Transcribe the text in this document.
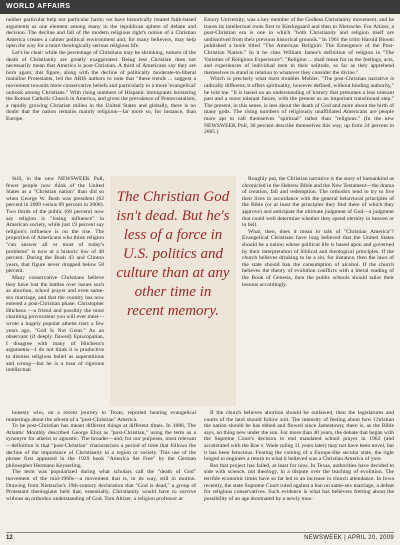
WORLD AFFAIRS

neither particular help nor particular harm; we have historically treated faith-based arguments as one element among many in the republican sphere of debate and decision. The decline and fall of the modern religious right's notion of a Christian America creates a calmer political environment and, for many believers, may help open the way for a more theologically serious religious life.

Let's be clear: while the percentage of Christians may be shrinking, rumors of the death of Christianity are greatly exaggerated. Being less Christian does not necessarily mean that America is post-Christian. A third of Americans say they are born again; this figure, along with the decline of politically moderate-to-liberal mainline Protestants, led the ARIS authors to note that "these trends ... suggest a movement towards more conservative beliefs and particularly to a more 'evangelical' outlook among Christians." With rising numbers of Hispanic immigrants bolstering the Roman Catholic Church in America, and given the prevalence of Pentecostalism, a rapidly growing Christian milieu in the United States and globally, there is no doubt that the nation remains mainly religious—far more so, for instance, than Europe.

Emory University, was a key member of the Godless Christianity movement, and he traces its intellectual roots first to Kierkegaard and then to Nietzsche. For Altizer, a post-Christian era is one in which "both Christianity and religion itself are undissolved from their previous historical grounds." In 1961 the critic Harold Bloom published a book titled "The American Religion: The Emergence of the Post-Christian Nation." In it he cites William James's definition of religion in "The Varieties of Religious Experience": "Religion ... shall mean for us the feelings, acts, and experiences of individual men in their solitude, so far as they apprehend themselves to stand in relation to whatever they consider the divine."

Which is precisely what most troubles Mohler. "The post-Christian narrative is radically different; it offers spirituality, however defined, without binding authority," he told me. "It is based on an understanding of history that presumes a less tolerant past and a more tolerant future, with the present as an important transitional step." The present, in this sense, is less about the death of God and more about the birth of many gods. The rising numbers of religiously unaffiliated Americans are people more apt to call themselves "spiritual" rather than "religious." (In the new NEWSWEEK Poll, 30 percent describe themselves this way, up from 24 percent in 2005.)

Still, in the new NEWSWEEK Poll, fewer people now think of the United States as a "Christian nation" than did so when George W. Bush was president (62 percent in 2009 versus 69 percent in 2008). Two thirds of the public (68 percent) now say religion is "losing influence" in American society, while just 19 percent say religion's influence is on the rise. The proportion of Americans who think religion "can answer all or most of today's problems" is now at a historic low of 48 percent. During the Bush 43 and Clinton years, that figure never dropped below 58 percent.

Many conservative Christians believe they have lost the battles over issues such as abortion, school prayer and even same-sex marriage, and that the country has now entered a post-Christian phase. Christopher Hitchens —a friend and possibly the most charming provocateur you will ever meet— wrote a hugely popular atheist tract a few years ago, "God Is Not Great." As an observant (if deeply flawed) Episcopalian, I disagree with many of Hitchens's arguments—I do not think it is productive to dismiss religious belief as superstitious and wrong—but he is a man of rigorous intellectual

The Christian God isn't dead. But he's less of a force in U.S. politics and culture than at any other time in recent memory.

Roughly put, the Christian narrative is the story of humankind as chronicled in the Hebrew Bible and the New Testament—the drama of creation, fall and redemption. The orthodox tend to try to live their lives in accordance with the general behavioral principles of the Bible (or at least the principles they find there of which they approve) and anticipate the ultimate judgment of God—a judgment that could well determine whether they spend eternity in heaven or in hell.

What, then, does it mean to talk of "Christian America"? Evangelical Christians have long believed that the United States should be a nation whose political life is based upon and governed by their interpretation of biblical and theological principles. If the church believes drinking to be a sin, for instance, then the laws of the state should ban the consumption of alcohol. If the church believes the theory of evolution conflicts with a literal reading of the Book of Genesis, then the public schools should tailor their lessons accordingly.

honesty who, on a recent journey to Texas, reported hearing evangelical mutterings about the advent of a "post-Christian" America.

To be post-Christian has meant different things at different times. In 1886, The Atlantic Monthly described George Eliot as "post-Christian," using the term as a synonym for atheist or agnostic. The broader—and, for our purposes, most relevant—definition is that "post-Christian" characterizes a period of time that follows the decline of the importance of Christianity in a region or society. This use of the phrase first appeared in the 1929 book "America Set Free" by the German philosopher Hermann Keyserling.

The term was popularized during what scholars call the "death of God" movement of the mid-1960s—a movement that is, in its way, still in motion. Drawing from Nietzsche's 19th-century declaration that "God is dead," a group of Protestant theologians held that, essentially, Christianity would have to survive without an orthodox understanding of God. Tom Altizer, a religion professor at

If the church believes abortion should be outlawed, then the legislatures and courts of the land should follow suit. The intensity of feeling about how Christian the nation should be has ebbed and flowed since Jamestown; there is, as the Bible says, no thing new under the sun. For more than 40 years, the debate that began with the Supreme Court's decision to end mandated school prayer in 1962 (and accelerated with the Roe v. Wade ruling 11 years later) may not have been novel, but it has been ferocious. Fearing the coming of a Europe-like secular state, the right longed to engineer a return to what it believed was a Christian America of yore.

But that project has failed, at least for now. In Texas, authorities have decided to side with science, not theology, in a dispute over the teaching of evolution. The terrible economic times have so far led to an increase in church attendance. In Iowa recently, the state Supreme Court ruled against a ban on same-sex marriage, a defeat for religious conservatives. Such evidence is what has believers fretting about the possibility of an age dominated by a newly mus-

12	NEWSWEEK | APRIL 20, 2009
